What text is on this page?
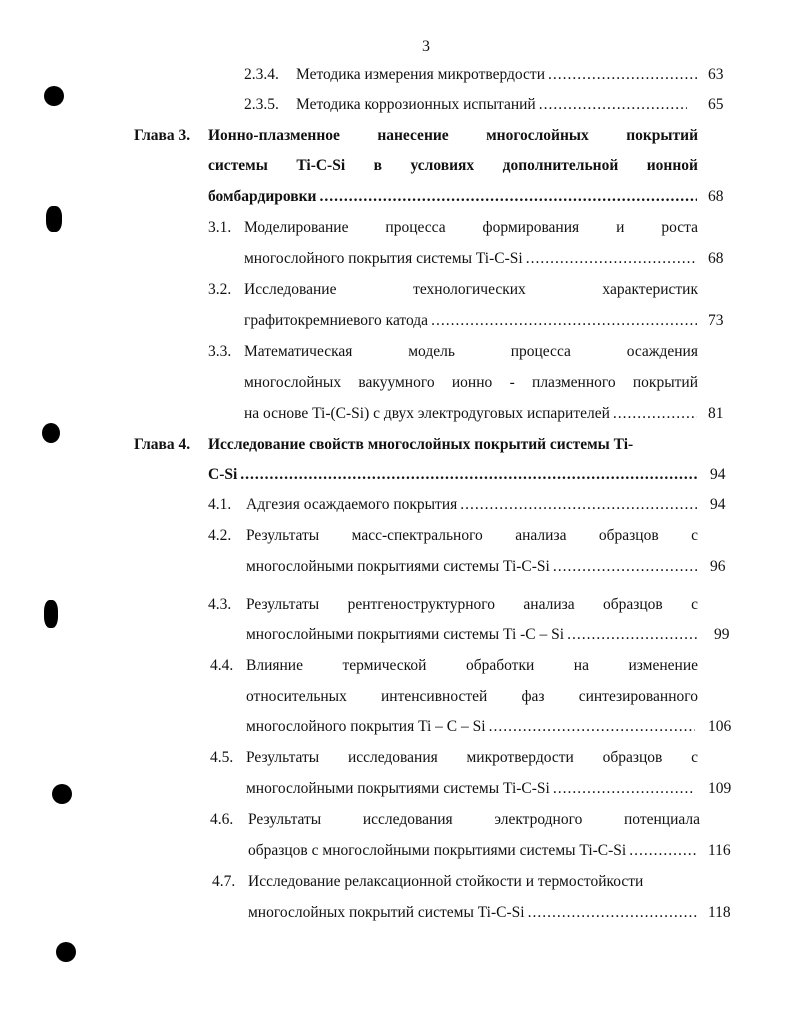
3
2.3.4. Методика измерения микротвердости .....	63
2.3.5. Методика коррозионных испытаний .....	65
Глава 3. Ионно-плазменное нанесение многослойных покрытий
системы Ti-C-Si в условиях дополнительной ионной
бомбардировки .....	68
3.1. Моделирование процесса формирования и роста
многослойного покрытия системы Ti-C-Si .....	68
3.2. Исследование	технологических	характеристик
графитокремниевого катода .....	73
3.3. Математическая	модель	процесса	осаждения
многослойных вакуумного ионно - плазменного покрытий
на основе Ti-(C-Si) с двух электродуговых испарителей .....	81
Глава 4. Исследование свойств многослойных покрытий системы Ti-
C-Si .....	94
4.1. Адгезия осаждаемого покрытия .....	94
4.2. Результаты масс-спектрального анализа образцов с
многослойными покрытиями системы Ti-C-Si .....	96
4.3. Результаты рентгеноструктурного анализа образцов с
многослойными покрытиями системы Ti -C – Si .....	99
4.4. Влияние	термической	обработки	на	изменение
относительных интенсивностей фаз синтезированного
многослойного покрытия Ti – C – Si .....	106
4.5. Результаты исследования микротвердости образцов с
многослойными покрытиями системы Ti-C-Si .....	109
4.6. Результаты	исследования	электродного	потенциала
образцов с многослойными покрытиями системы Ti-C-Si .....	116
4.7. Исследование релаксационной стойкости и термостойкости
многослойных покрытий системы Ti-C-Si .....	118
